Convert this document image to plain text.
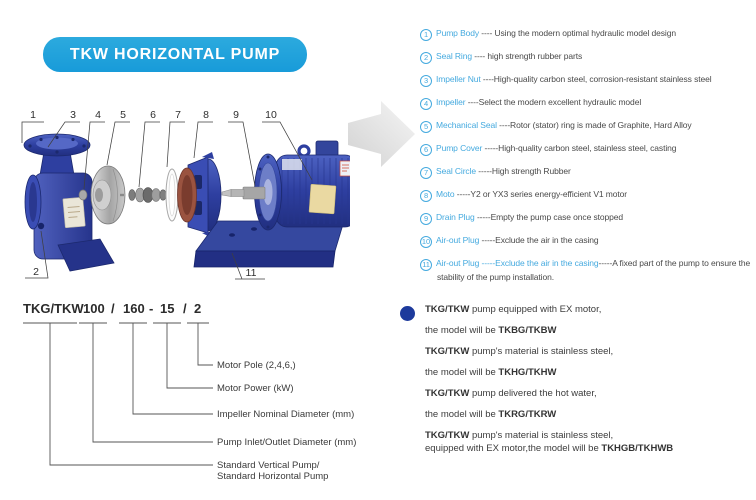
TKW HORIZONTAL PUMP
1	3 4 5 6 7 8 9 10
2	11
1 Pump Body ---- Using the modern optimal hydraulic model design
2 Seal Ring ---- high strength rubber parts
3 Impeller Nut ----High-quality carbon steel, corrosion-resistant stainless steel
4 Impeller ----Select the modern excellent hydraulic model
5 Mechanical Seal ----Rotor (stator) ring is made of Graphite, Hard Alloy
6 Pump Cover -----High-quality carbon steel, stainless steel, casting
7 Seal Circle -----High strength Rubber
8 Moto -----Y2 or YX3 series energy-efficient V1 motor
9 Drain Plug -----Empty the pump case once stopped
10 Air-out Plug -----Exclude the air in the casing
11 Air-out Plug -----Exclude the air in the casing-----A fixed part of the pump to ensure the stability of the pump installation.
TKG/TKW 100 / 160 - 15 / 2
Motor Pole (2,4,6,)
Motor Power (kW)
Impeller Nominal Diameter (mm)
Pump Inlet/Outlet Diameter (mm)
Standard Vertical Pump/
Standard Horizontal Pump

TKG/TKW pump equipped with EX motor,

the model will be TKBG/TKBW

TKG/TKW pump's material is stainless steel,

the model will be TKHG/TKHW

TKG/TKW pump delivered the hot water,

the model will be TKRG/TKRW

TKG/TKW pump's material is stainless steel,

equipped with EX motor,the model will be TKHGB/TKHWB
